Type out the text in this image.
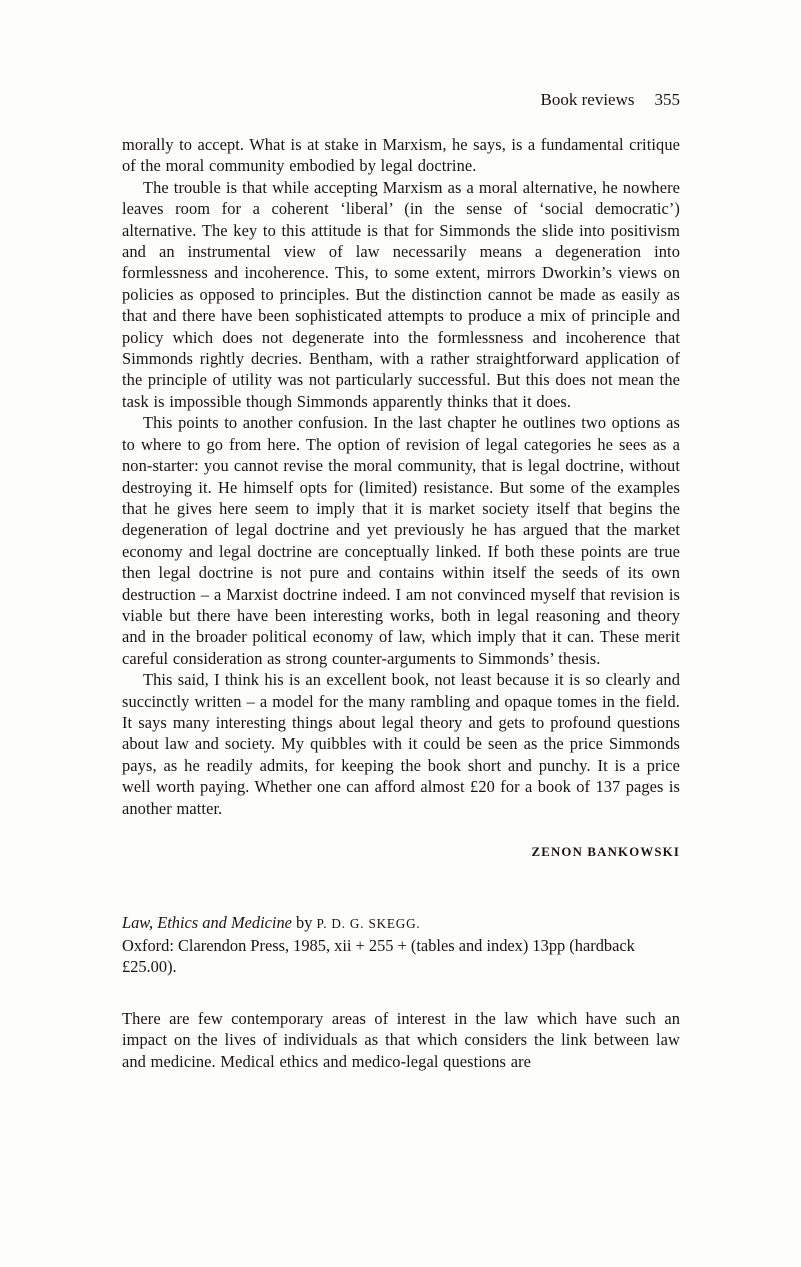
Book reviews 355

morally to accept. What is at stake in Marxism, he says, is a fundamental critique of the moral community embodied by legal doctrine.

The trouble is that while accepting Marxism as a moral alternative, he nowhere leaves room for a coherent ‘liberal’ (in the sense of ‘social democratic’) alternative. The key to this attitude is that for Simmonds the slide into positivism and an instrumental view of law necessarily means a degeneration into formlessness and incoherence. This, to some extent, mirrors Dworkin’s views on policies as opposed to principles. But the distinction cannot be made as easily as that and there have been sophisticated attempts to produce a mix of principle and policy which does not degenerate into the formlessness and incoherence that Simmonds rightly decries. Bentham, with a rather straightforward application of the principle of utility was not particularly successful. But this does not mean the task is impossible though Simmonds apparently thinks that it does.

This points to another confusion. In the last chapter he outlines two options as to where to go from here. The option of revision of legal categories he sees as a non-starter: you cannot revise the moral community, that is legal doctrine, without destroying it. He himself opts for (limited) resistance. But some of the examples that he gives here seem to imply that it is market society itself that begins the degeneration of legal doctrine and yet previously he has argued that the market economy and legal doctrine are conceptually linked. If both these points are true then legal doctrine is not pure and contains within itself the seeds of its own destruction – a Marxist doctrine indeed. I am not convinced myself that revision is viable but there have been interesting works, both in legal reasoning and theory and in the broader political economy of law, which imply that it can. These merit careful consideration as strong counter-arguments to Simmonds’ thesis.

This said, I think his is an excellent book, not least because it is so clearly and succinctly written – a model for the many rambling and opaque tomes in the field. It says many interesting things about legal theory and gets to profound questions about law and society. My quibbles with it could be seen as the price Simmonds pays, as he readily admits, for keeping the book short and punchy. It is a price well worth paying. Whether one can afford almost £20 for a book of 137 pages is another matter.

ZENON BANKOWSKI
Law, Ethics and Medicine by P. D. G. SKEGG.
Oxford: Clarendon Press, 1985, xii + 255 + (tables and index) 13pp (hardback £25.00).

There are few contemporary areas of interest in the law which have such an impact on the lives of individuals as that which considers the link between law and medicine. Medical ethics and medico-legal questions are
